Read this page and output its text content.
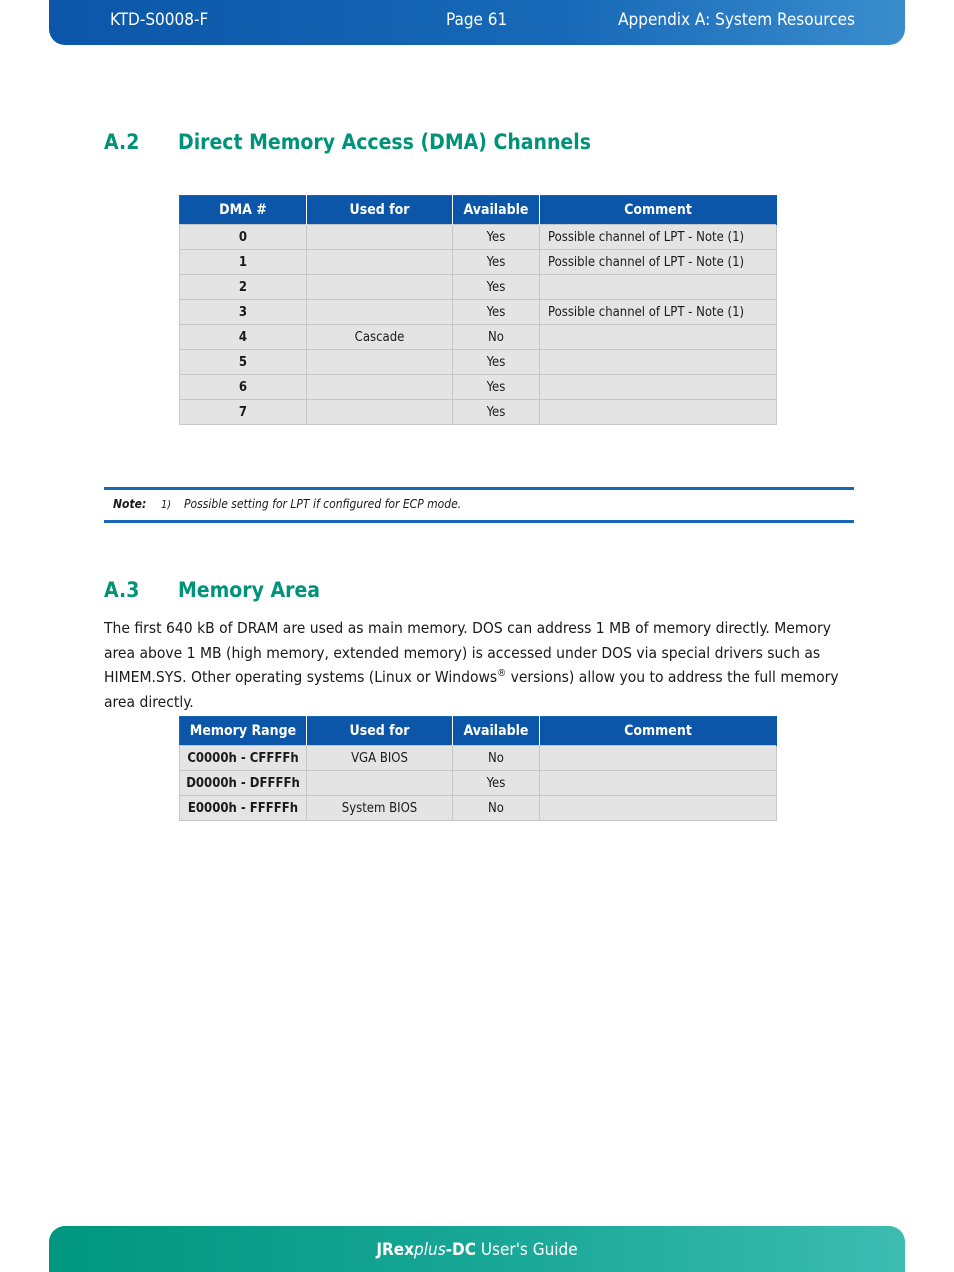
KTD-S0008-F	Page 61	Appendix A: System Resources
A.2 Direct Memory Access (DMA) Channels
DMA #	Used for	Available	Comment
0		Yes	Possible channel of LPT - Note (1)
1		Yes	Possible channel of LPT - Note (1)
2		Yes	
3		Yes	Possible channel of LPT - Note (1)
4	Cascade	No	
5		Yes	
6		Yes	
7		Yes	
Note: 1) Possible setting for LPT if configured for ECP mode.
A.3 Memory Area

The first 640 kB of DRAM are used as main memory. DOS can address 1 MB of memory directly. Memory area above 1 MB (high memory, extended memory) is accessed under DOS via special drivers such as HIMEM.SYS. Other operating systems (Linux or Windows® versions) allow you to address the full memory area directly.

Memory Range	Used for	Available	Comment
C0000h - CFFFFh	VGA BIOS	No	
D0000h - DFFFFh		Yes	
E0000h - FFFFFh	System BIOS	No	
JRexplus-DC User's Guide
